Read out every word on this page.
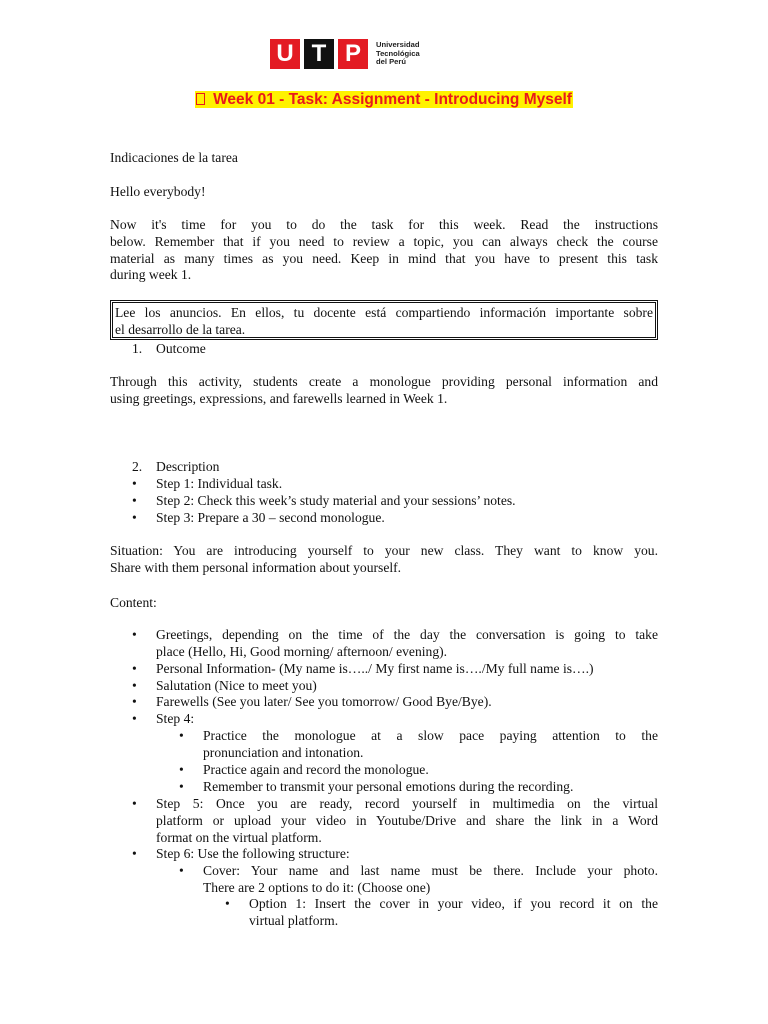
U T P	Universidad
Tecnológica
del Perú
Week 01 - Task: Assignment - Introducing Myself
Indicaciones de la tarea
Hello everybody!
Now it's time for you to do the task for this week. Read the instructions
below. Remember that if you need to review a topic, you can always check the course
material as many times as you need. Keep in mind that you have to present this task
during week 1.
Lee los anuncios. En ellos, tu docente está compartiendo información importante sobre
el desarrollo de la tarea.
1. Outcome
Through this activity, students create a monologue providing personal information and
using greetings, expressions, and farewells learned in Week 1.
2. Description
• Step 1: Individual task.
• Step 2: Check this week’s study material and your sessions’ notes.
• Step 3: Prepare a 30 – second monologue.
Situation: You are introducing yourself to your new class. They want to know you.
Share with them personal information about yourself.
Content:
• Greetings, depending on the time of the day the conversation is going to take
place (Hello, Hi, Good morning/ afternoon/ evening).
• Personal Information- (My name is…../ My first name is…./My full name is….)
• Salutation (Nice to meet you)
• Farewells (See you later/ See you tomorrow/ Good Bye/Bye).
• Step 4:
• Practice the monologue at a slow pace paying attention to the
pronunciation and intonation.
• Practice again and record the monologue.
• Remember to transmit your personal emotions during the recording.
• Step 5: Once you are ready, record yourself in multimedia on the virtual
platform or upload your video in Youtube/Drive and share the link in a Word
format on the virtual platform.
• Step 6: Use the following structure:
• Cover: Your name and last name must be there. Include your photo.
There are 2 options to do it: (Choose one)
• Option 1: Insert the cover in your video, if you record it on the
virtual platform.
